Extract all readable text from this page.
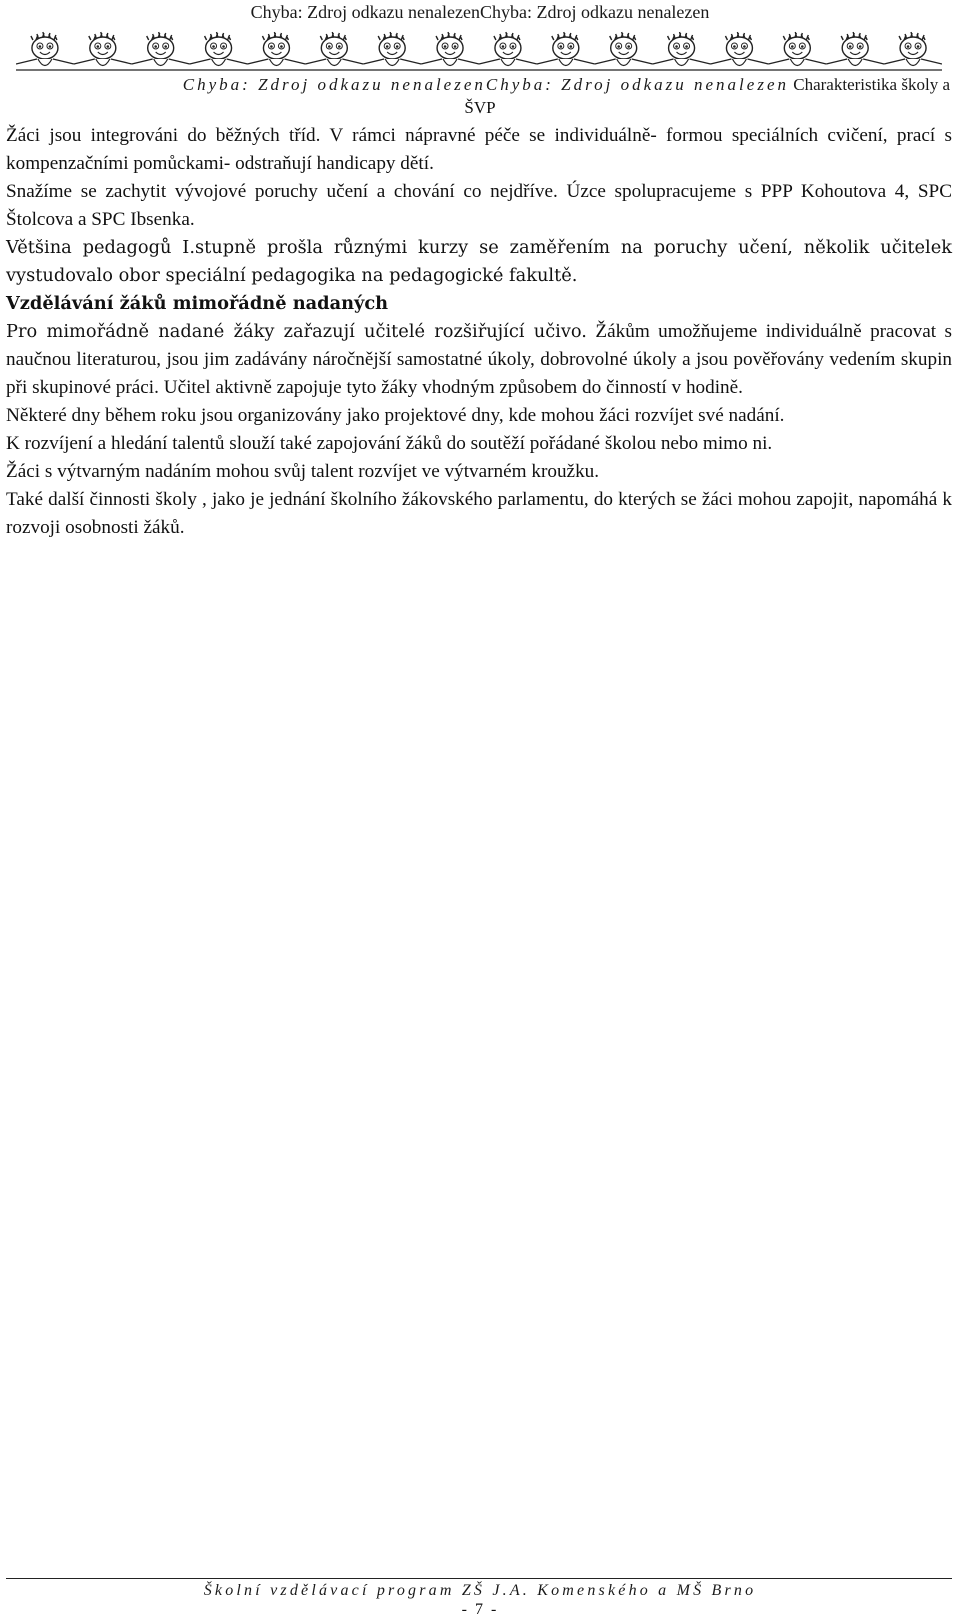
Chyba: Zdroj odkazu nenalezenChyba: Zdroj odkazu nenalezen
Chyba: Zdroj odkazu nenalezenChyba: Zdroj odkazu nenalezen Charakteristika školy a
ŠVP

Žáci jsou integrováni do běžných tříd. V rámci nápravné péče se individuálně- formou speciálních cvičení, prací s kompenzačními pomůckami- odstraňují handicapy dětí.

Snažíme se zachytit vývojové poruchy učení a chování co nejdříve. Úzce spolupracujeme s PPP Kohoutova 4, SPC Štolcova a SPC Ibsenka.

Většina pedagogů I.stupně prošla různými kurzy se zaměřením na poruchy učení, několik učitelek vystudovalo obor speciální pedagogika na pedagogické fakultě.

Vzdělávání žáků mimořádně nadaných

Pro mimořádně nadané žáky zařazují učitelé rozšiřující učivo. Žákům umožňujeme individuálně pracovat s naučnou literaturou, jsou jim zadávány náročnější samostatné úkoly, dobrovolné úkoly a jsou pověřovány vedením skupin při skupinové práci. Učitel aktivně zapojuje tyto žáky vhodným způsobem do činností v hodině.

Některé dny během roku jsou organizovány jako projektové dny, kde mohou žáci rozvíjet své nadání.

K rozvíjení a hledání talentů slouží také zapojování žáků do soutěží pořádané školou nebo mimo ni.

Žáci s výtvarným nadáním mohou svůj talent rozvíjet ve výtvarném kroužku.

Také další činnosti školy , jako je jednání školního žákovského parlamentu, do kterých se žáci mohou zapojit, napomáhá k rozvoji osobnosti žáků.

Školní vzdělávací program ZŠ J.A. Komenského a MŠ Brno
- 7 -
